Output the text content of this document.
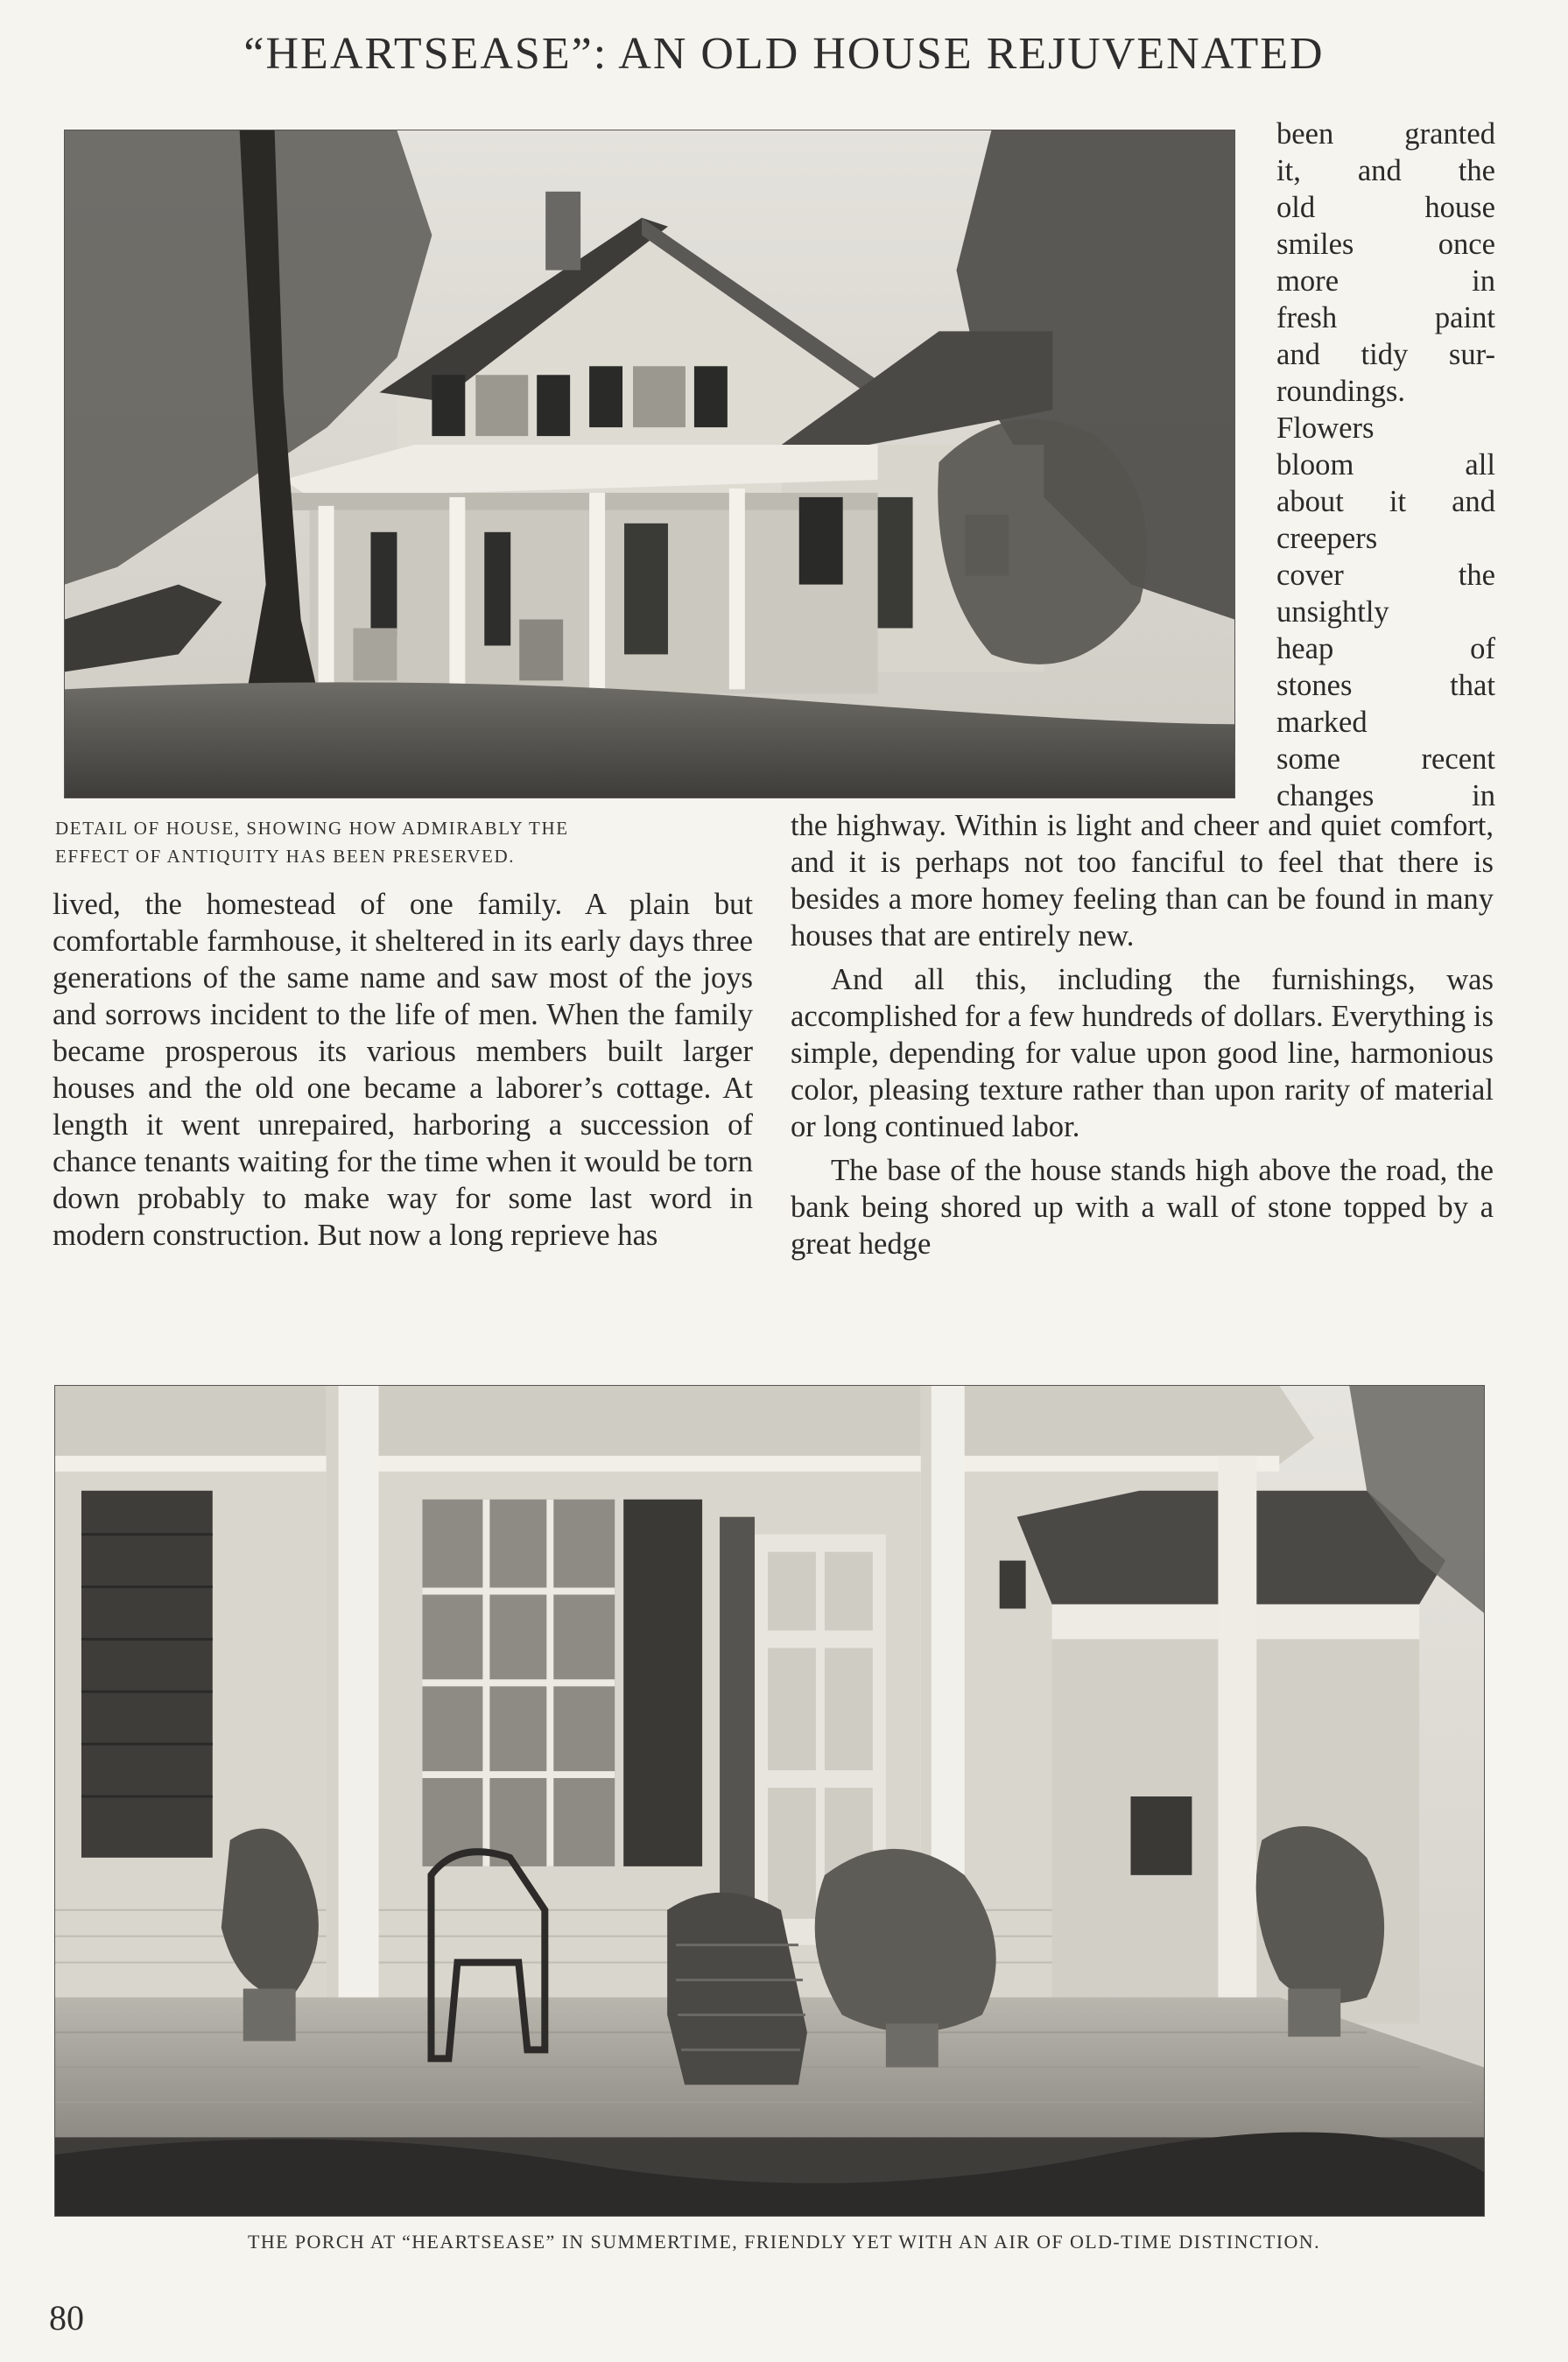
“HEARTSEASE”: AN OLD HOUSE REJUVENATED
DETAIL OF HOUSE, SHOWING HOW ADMIRABLY THE
EFFECT OF ANTIQUITY HAS BEEN PRESERVED.
been granted
it, and the
old house
smiles once
more in
fresh paint
and tidy sur-
roundings.
Flowers
bloom all
about it and
creepers
cover the
unsightly
heap of
stones that
marked
some recent
changes in

lived, the homestead of one family. A plain but comfortable farmhouse, it sheltered in its early days three generations of the same name and saw most of the joys and sorrows incident to the life of men. When the family became prosperous its various members built larger houses and the old one became a laborer’s cottage. At length it went unrepaired, harboring a succession of chance tenants waiting for the time when it would be torn down probably to make way for some last word in modern construction. But now a long reprieve has

the highway. Within is light and cheer and quiet comfort, and it is perhaps not too fanciful to feel that there is besides a more homey feeling than can be found in many houses that are entirely new.

And all this, including the furnishings, was accomplished for a few hundreds of dollars. Everything is simple, depending for value upon good line, harmonious color, pleasing texture rather than upon rarity of material or long continued labor.

The base of the house stands high above the road, the bank being shored up with a wall of stone topped by a great hedge

THE PORCH AT “HEARTSEASE” IN SUMMERTIME, FRIENDLY YET WITH AN AIR OF OLD-TIME DISTINCTION.
80
